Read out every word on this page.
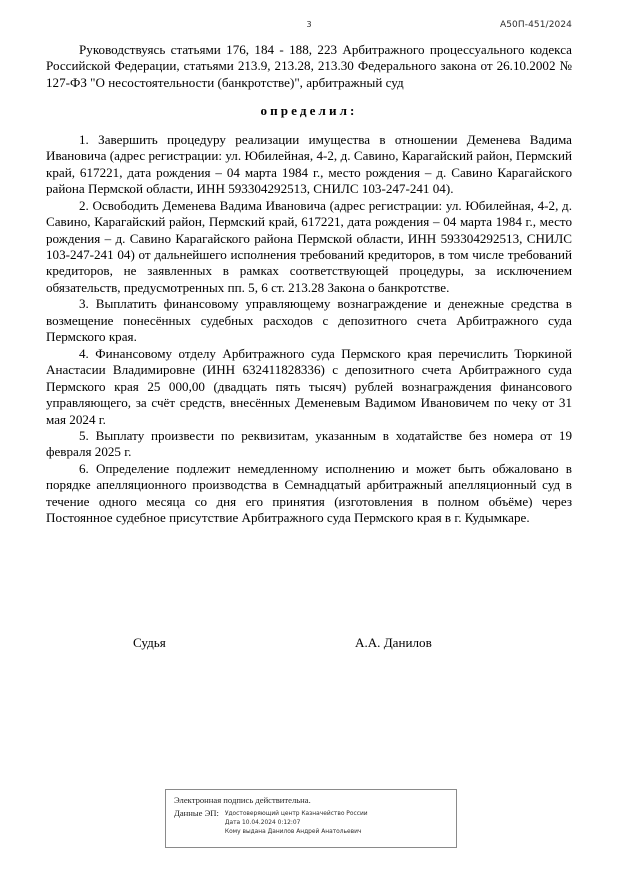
3	А50П-451/2024

Руководствуясь статьями 176, 184 - 188, 223 Арбитражного процессуального кодекса Российской Федерации, статьями 213.9, 213.28, 213.30 Федерального закона от 26.10.2002 № 127-ФЗ "О несостоятельности (банкротстве)", арбитражный суд

определил:

1. Завершить процедуру реализации имущества в отношении Деменева Вадима Ивановича (адрес регистрации: ул. Юбилейная, 4-2, д. Савино, Карагайский район, Пермский край, 617221, дата рождения – 04 марта 1984 г., место рождения – д. Савино Карагайского района Пермской области, ИНН 593304292513, СНИЛС 103-247-241 04).

2. Освободить Деменева Вадима Ивановича (адрес регистрации: ул. Юбилейная, 4-2, д. Савино, Карагайский район, Пермский край, 617221, дата рождения – 04 марта 1984 г., место рождения – д. Савино Карагайского района Пермской области, ИНН 593304292513, СНИЛС 103-247-241 04) от дальнейшего исполнения требований кредиторов, в том числе требований кредиторов, не заявленных в рамках соответствующей процедуры, за исключением обязательств, предусмотренных пп. 5, 6 ст. 213.28 Закона о банкротстве.

3. Выплатить финансовому управляющему вознаграждение и денежные средства в возмещение понесённых судебных расходов с депозитного счета Арбитражного суда Пермского края.

4. Финансовому отделу Арбитражного суда Пермского края перечислить Тюркиной Анастасии Владимировне (ИНН 632411828336) с депозитного счета Арбитражного суда Пермского края 25 000,00 (двадцать пять тысяч) рублей вознаграждения финансового управляющего, за счёт средств, внесённых Деменевым Вадимом Ивановичем по чеку от 31 мая 2024 г.

5. Выплату произвести по реквизитам, указанным в ходатайстве без номера от 19 февраля 2025 г.

6. Определение подлежит немедленному исполнению и может быть обжаловано в порядке апелляционного производства в Семнадцатый арбитражный апелляционный суд в течение одного месяца со дня его принятия (изготовления в полном объёме) через Постоянное судебное присутствие Арбитражного суда Пермского края в г. Кудымкаре.

Судья	А.А. Данилов
Электронная подпись действительна.
Данные ЭП:	Удостоверяющий центр Казначейство России
Дата 10.04.2024 0:12:07
Кому выдана Данилов Андрей Анатольевич
